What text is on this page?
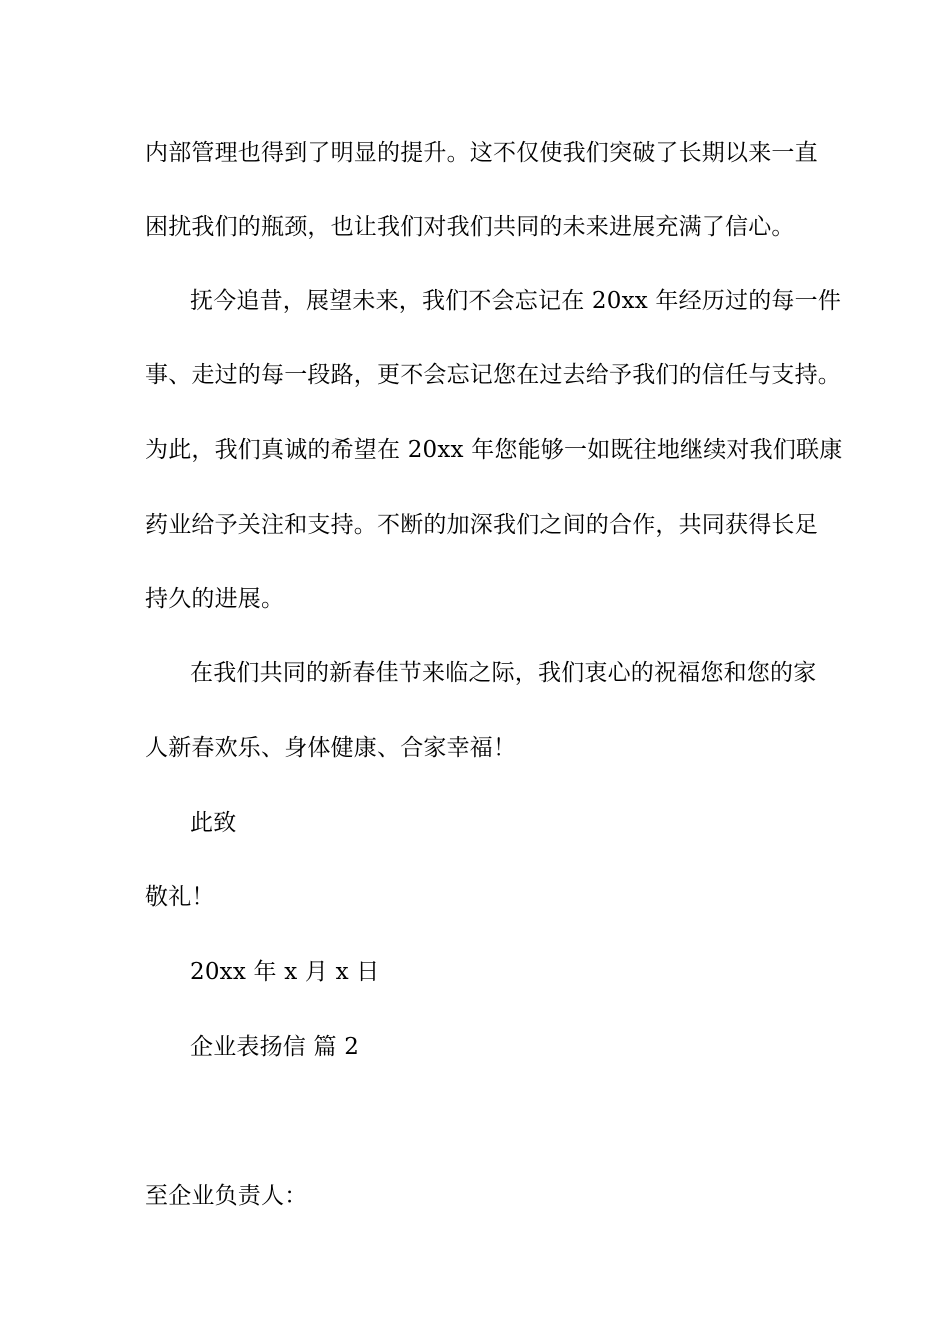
内部管理也得到了明显的提升。这不仅使我们突破了长期以来一直
困扰我们的瓶颈，也让我们对我们共同的未来进展充满了信心。
抚今追昔，展望未来，我们不会忘记在 20xx 年经历过的每一件
事、走过的每一段路，更不会忘记您在过去给予我们的信任与支持。
为此，我们真诚的希望在 20xx 年您能够一如既往地继续对我们联康
药业给予关注和支持。不断的加深我们之间的合作，共同获得长足
持久的进展。
在我们共同的新春佳节来临之际，我们衷心的祝福您和您的家
人新春欢乐、身体健康、合家幸福！
此致
敬礼！
20xx 年 x 月 x 日
企业表扬信 篇 2
至企业负责人：
